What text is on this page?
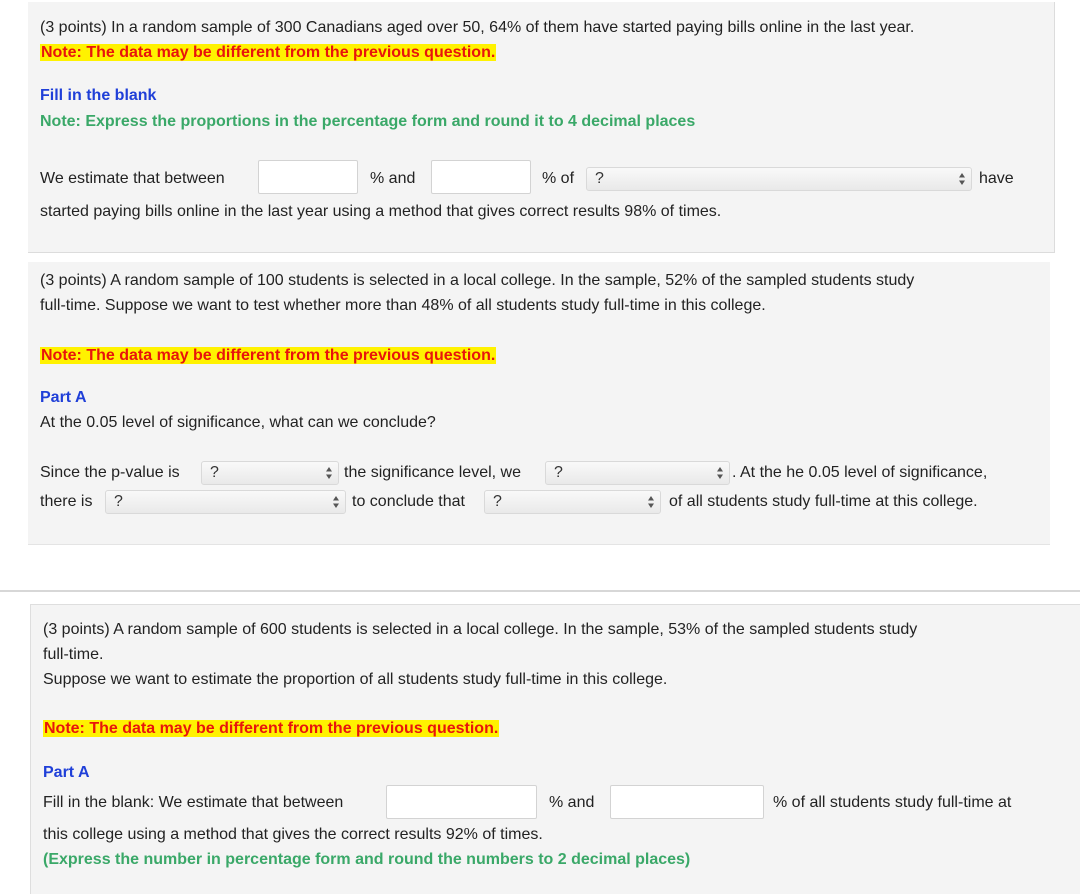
(3 points) In a random sample of 300 Canadians aged over 50, 64% of them have started paying bills online in the last year.
Note: The data may be different from the previous question.
Fill in the blank
Note: Express the proportions in the percentage form and round it to 4 decimal places
We estimate that between	% and	% of ?	have
started paying bills online in the last year using a method that gives correct results 98% of times.
(3 points) A random sample of 100 students is selected in a local college. In the sample, 52% of the sampled students study
full-time. Suppose we want to test whether more than 48% of all students study full-time in this college.
Note: The data may be different from the previous question.
Part A
At the 0.05 level of significance, what can we conclude?
Since the p-value is ?	the significance level, we ?	. At the he 0.05 level of significance,
there is ?	to conclude that ?	of all students study full-time at this college.
(3 points) A random sample of 600 students is selected in a local college. In the sample, 53% of the sampled students study
full-time.
Suppose we want to estimate the proportion of all students study full-time in this college.
Note: The data may be different from the previous question.
Part A
Fill in the blank: We estimate that between	% and	% of all students study full-time at
this college using a method that gives the correct results 92% of times.
(Express the number in percentage form and round the numbers to 2 decimal places)
